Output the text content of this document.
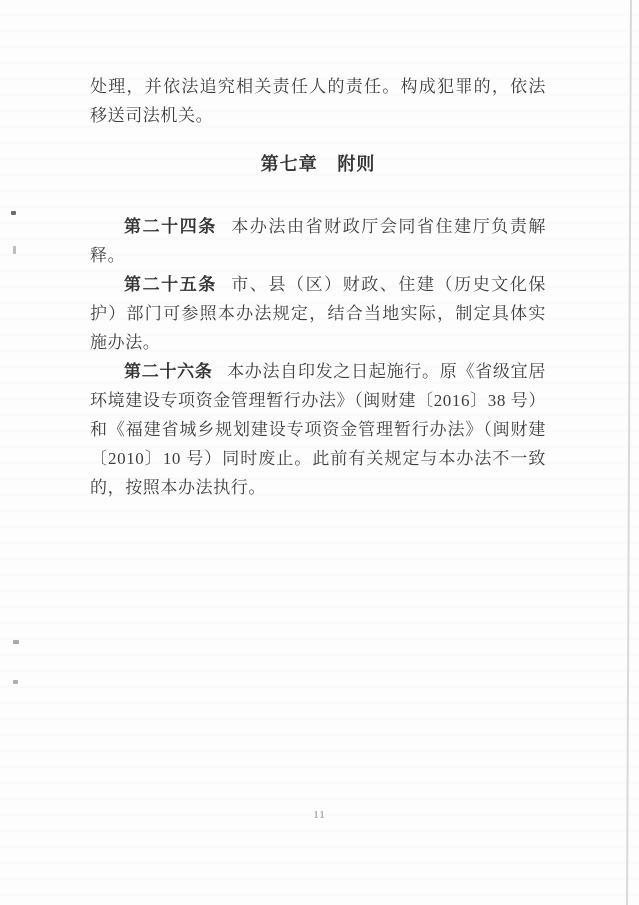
处理，并依法追究相关责任人的责任。构成犯罪的，依法移送司法机关。

第七章 附则

第二十四条 本办法由省财政厅会同省住建厅负责解释。

第二十五条 市、县（区）财政、住建（历史文化保护）部门可参照本办法规定，结合当地实际，制定具体实施办法。

第二十六条 本办法自印发之日起施行。原《省级宜居环境建设专项资金管理暂行办法》（闽财建〔2016〕38 号）和《福建省城乡规划建设专项资金管理暂行办法》（闽财建〔2010〕10 号）同时废止。此前有关规定与本办法不一致的，按照本办法执行。

11
